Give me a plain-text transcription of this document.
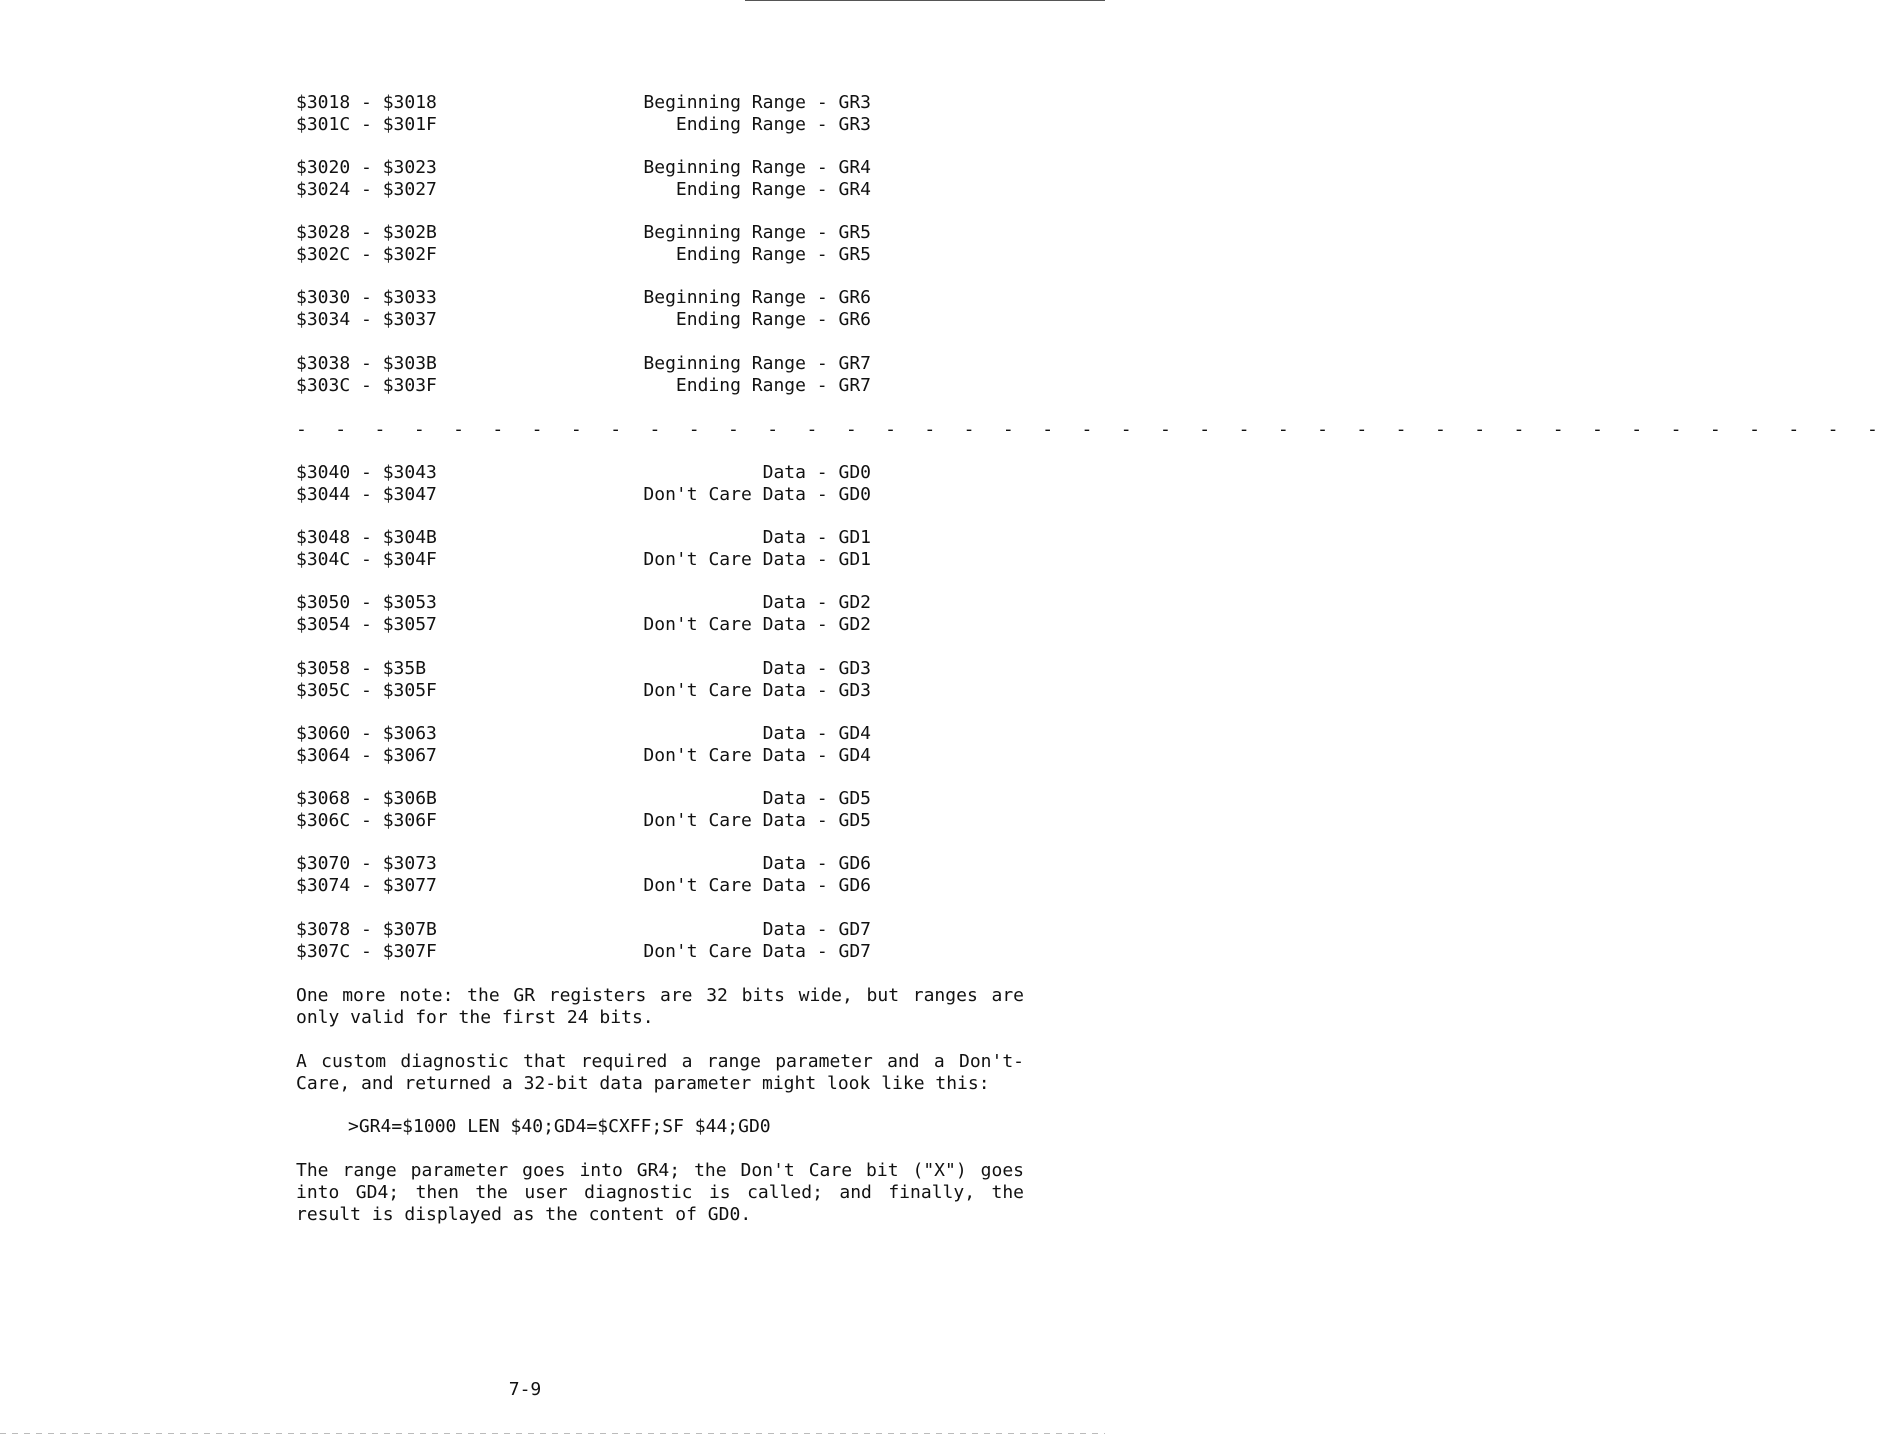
$3018 - $3018
$301C - $301F
Beginning Range - GR3
Ending Range - GR3
$3020 - $3023
$3024 - $3027
Beginning Range - GR4
Ending Range - GR4
$3028 - $302B
$302C - $302F
Beginning Range - GR5
Ending Range - GR5
$3030 - $3033
$3034 - $3037
Beginning Range - GR6
Ending Range - GR6
$3038 - $303B
$303C - $303F
Beginning Range - GR7
Ending Range - GR7
- - - - - - - - - - - - - - - - - - - - - - - - - - - - - - - - - - - - - - - - -
$3040 - $3043
$3044 - $3047
Data - GD0
Don't Care Data - GD0
$3048 - $304B
$304C - $304F
Data - GD1
Don't Care Data - GD1
$3050 - $3053
$3054 - $3057
Data - GD2
Don't Care Data - GD2
$3058 - $35B
$305C - $305F
Data - GD3
Don't Care Data - GD3
$3060 - $3063
$3064 - $3067
Data - GD4
Don't Care Data - GD4
$3068 - $306B
$306C - $306F
Data - GD5
Don't Care Data - GD5
$3070 - $3073
$3074 - $3077
Data - GD6
Don't Care Data - GD6
$3078 - $307B
$307C - $307F
Data - GD7
Don't Care Data - GD7

One more note: the GR registers are 32 bits wide, but ranges are only valid for the first 24 bits.

A custom diagnostic that required a range parameter and a Don't-Care, and returned a 32-bit data parameter might look like this:

>GR4=$1000 LEN $40;GD4=$CXFF;SF $44;GD0

The range parameter goes into GR4; the Don't Care bit ("X") goes into GD4; then the user diagnostic is called; and finally, the result is displayed as the content of GD0.

7-9
